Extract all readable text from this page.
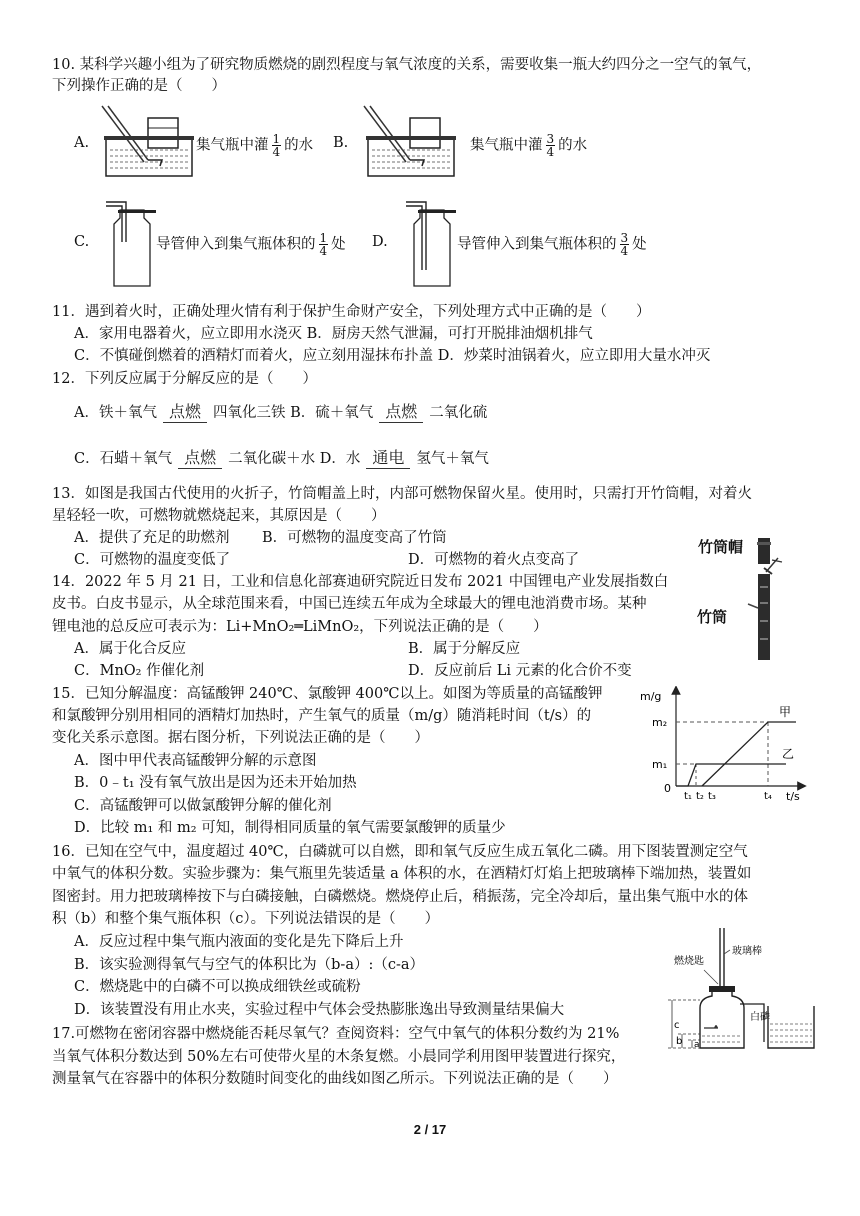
10. 某科学兴趣小组为了研究物质燃烧的剧烈程度与氧气浓度的关系，需要收集一瓶大约四分之一空气的氧气，
下列操作正确的是（　　）
A.	集气瓶中灌 $\frac{1}{4}$ 的水 B.	集气瓶中灌 $\frac{3}{4}$ 的水
C.	导管伸入到集气瓶体积的 $\frac{1}{4}$ 处 D.	导管伸入到集气瓶体积的 $\frac{3}{4}$ 处
11．遇到着火时，正确处理火情有利于保护生命财产安全，下列处理方式中正确的是（　　）
A．家用电器着火，应立即用水浇灭 B．厨房天然气泄漏，可打开脱排油烟机排气
C．不慎碰倒燃着的酒精灯而着火，应立刻用湿抹布扑盖 D．炒菜时油锅着火，应立即用大量水冲灭
12．下列反应属于分解反应的是（　　）
A．铁＋氧气 点燃 四氧化三铁 B．硫＋氧气 点燃 二氧化硫
C．石蜡＋氧气 点燃 二氧化碳＋水 D．水 通电 氢气＋氧气
13．如图是我国古代使用的火折子，竹筒帽盖上时，内部可燃物保留火星。使用时，只需打开竹筒帽，对着火
星轻轻一吹，可燃物就燃烧起来，其原因是（　　）
A．提供了充足的助燃剂 B．可燃物的温度变高了竹筒
C．可燃物的温度变低了	D．可燃物的着火点变高了
竹筒帽
竹筒
14．2022 年 5 月 21 日，工业和信息化部赛迪研究院近日发布 2021 中国锂电产业发展指数白
皮书。白皮书显示，从全球范围来看，中国已连续五年成为全球最大的锂电池消费市场。某种
锂电池的总反应可表示为：Li+MnO₂═LiMnO₂，下列说法正确的是（　　）
A．属于化合反应	B．属于分解反应
C．MnO₂ 作催化剂	D．反应前后 Li 元素的化合价不变
15．已知分解温度：高锰酸钾 240℃、氯酸钾 400℃以上。如图为等质量的高锰酸钾
和氯酸钾分别用相同的酒精灯加热时，产生氧气的质量（m/g）随消耗时间（t/s）的
变化关系示意图。据右图分析，下列说法正确的是（　　）
A．图中甲代表高锰酸钾分解的示意图
B．0﹣t₁ 没有氧气放出是因为还未开始加热
C．高锰酸钾可以做氯酸钾分解的催化剂
D．比较 m₁ 和 m₂ 可知，制得相同质量的氧气需要氯酸钾的质量少
m/g
t/s
0
m₂
m₁
甲
乙
t₁ t₂ t₃	t₄
16．已知在空气中，温度超过 40℃，白磷就可以自燃，即和氧气反应生成五氧化二磷。用下图装置测定空气
中氧气的体积分数。实验步骤为：集气瓶里先装适量 a 体积的水，在酒精灯灯焰上把玻璃棒下端加热，装置如
图密封。用力把玻璃棒按下与白磷接触，白磷燃烧。燃烧停止后，稍振荡，完全冷却后，量出集气瓶中水的体
积（b）和整个集气瓶体积（c）。下列说法错误的是（　　）
A．反应过程中集气瓶内液面的变化是先下降后上升
B．该实验测得氧气与空气的体积比为（b-a）:（c-a）
C．燃烧匙中的白磷不可以换成细铁丝或硫粉
D．该装置没有用止水夹，实验过程中气体会受热膨胀逸出导致测量结果偏大
玻璃棒
燃烧匙
白磷
c
b a
17.可燃物在密闭容器中燃烧能否耗尽氧气？查阅资料：空气中氧气的体积分数约为 21%
当氧气体积分数达到 50%左右可使带火星的木条复燃。小晨同学利用图甲装置进行探究，
测量氧气在容器中的体积分数随时间变化的曲线如图乙所示。下列说法正确的是（　　）
2 / 17
